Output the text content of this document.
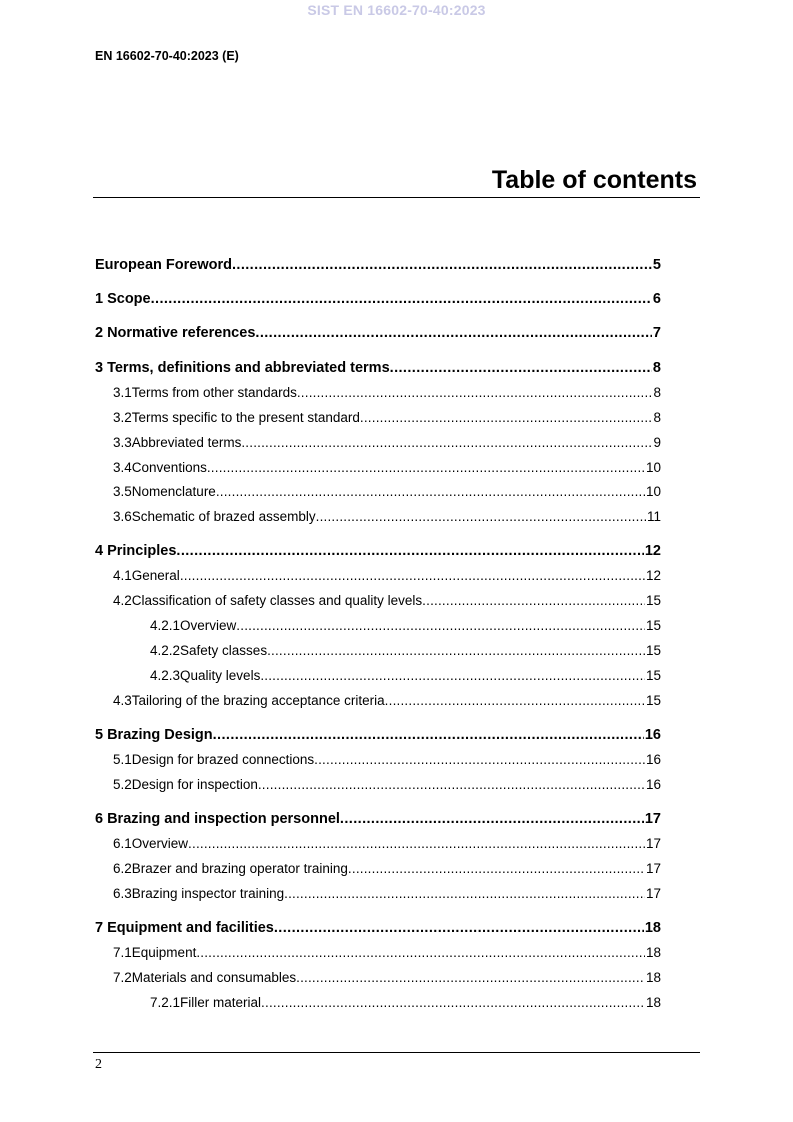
SIST EN 16602-70-40:2023
EN 16602-70-40:2023 (E)
Table of contents
European Foreword .....	5
1 Scope .....	6
2 Normative references .....	7
3 Terms, definitions and abbreviated terms .....	8
3.1 Terms from other standards .....	8
3.2 Terms specific to the present standard .....	8
3.3 Abbreviated terms .....	9
3.4 Conventions .....	10
3.5 Nomenclature .....	10
3.6 Schematic of brazed assembly .....	11
4 Principles .....	12
4.1 General .....	12
4.2 Classification of safety classes and quality levels .....	15
4.2.1 Overview .....	15
4.2.2 Safety classes .....	15
4.2.3 Quality levels .....	15
4.3 Tailoring of the brazing acceptance criteria .....	15
5 Brazing Design .....	16
5.1 Design for brazed connections .....	16
5.2 Design for inspection .....	16
6 Brazing and inspection personnel .....	17
6.1 Overview .....	17
6.2 Brazer and brazing operator training .....	17
6.3 Brazing inspector training .....	17
7 Equipment and facilities .....	18
7.1 Equipment .....	18
7.2 Materials and consumables .....	18
7.2.1 Filler material .....	18
2
